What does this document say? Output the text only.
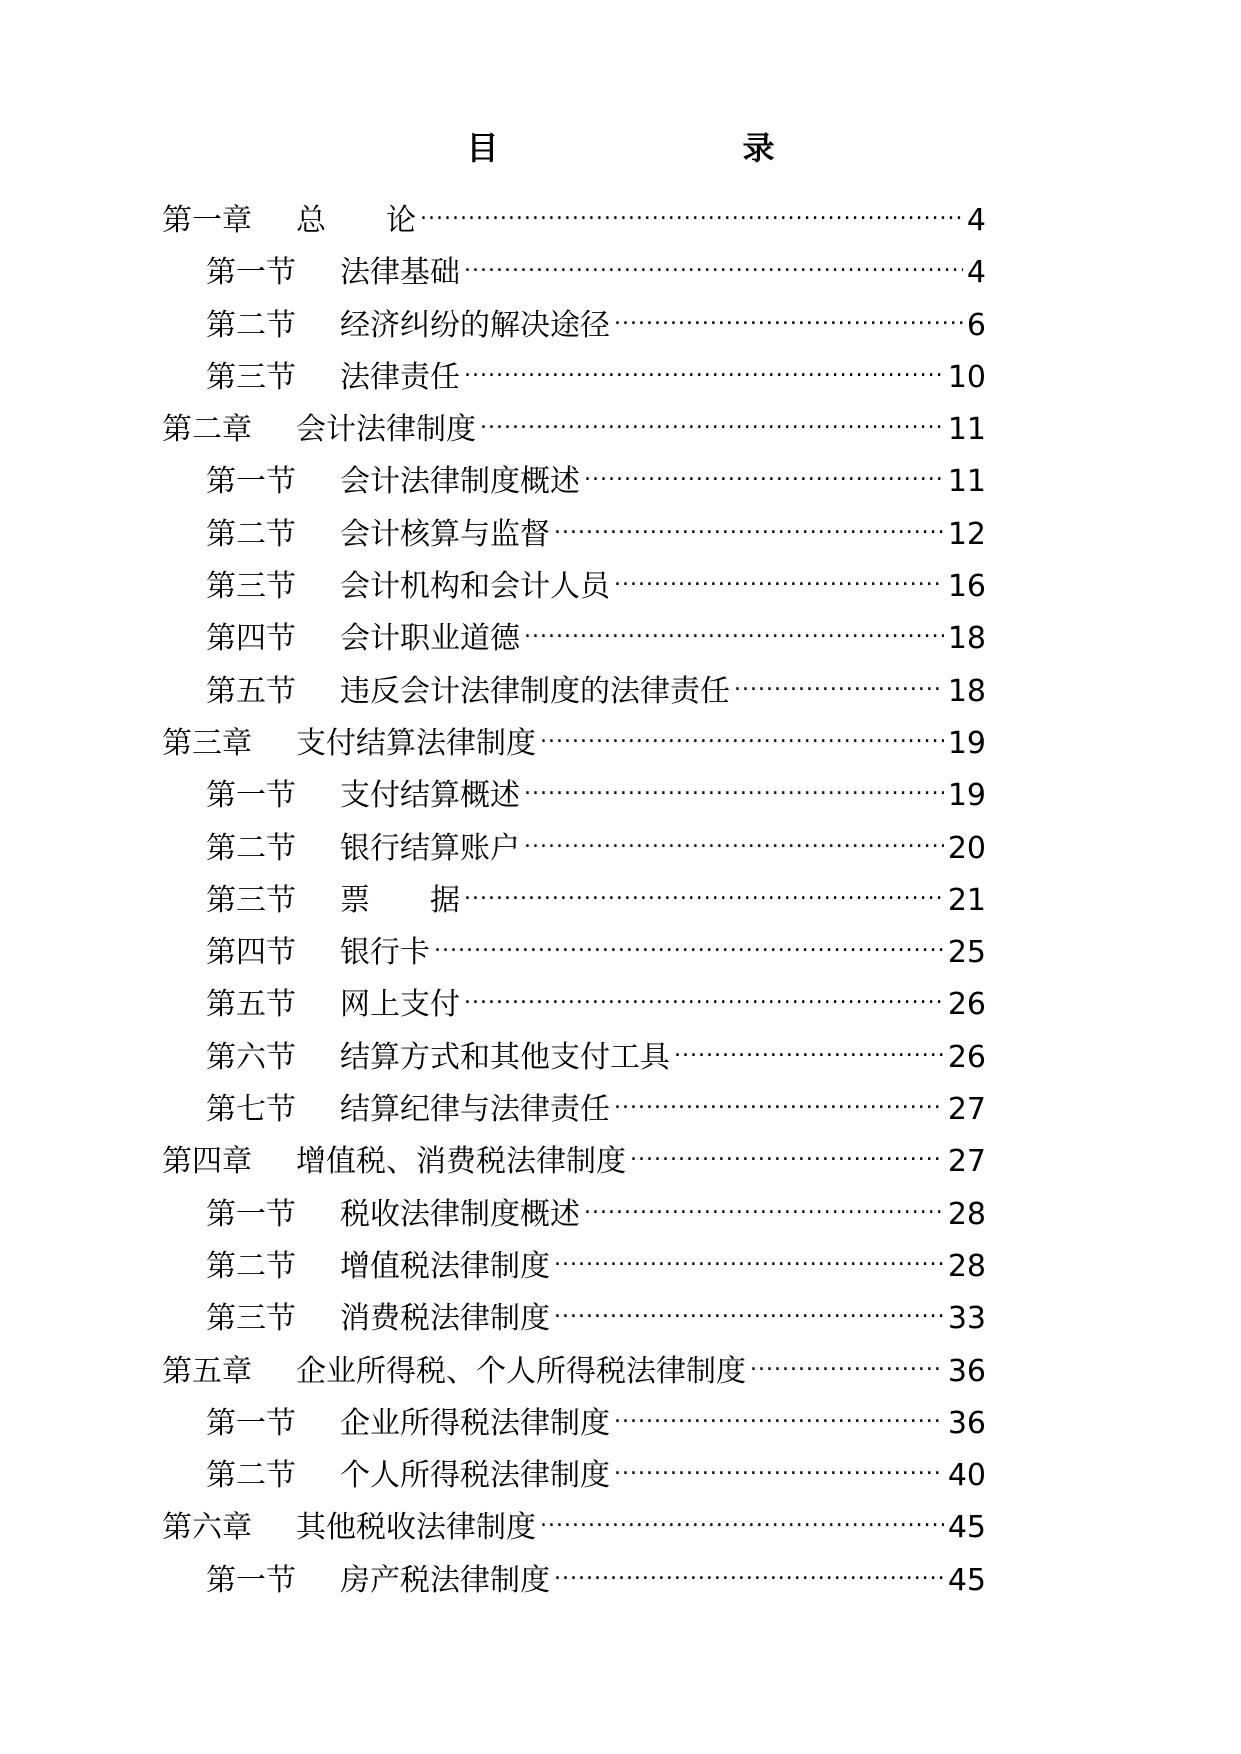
目　　录
第一章	总　　论 .....	4
第一节	法律基础 .....	4
第二节	经济纠纷的解决途径 .....	6
第三节	法律责任 .....	10
第二章	会计法律制度 .....	11
第一节	会计法律制度概述 .....	11
第二节	会计核算与监督 .....	12
第三节	会计机构和会计人员 .....	16
第四节	会计职业道德 .....	18
第五节	违反会计法律制度的法律责任 .....	18
第三章	支付结算法律制度 .....	19
第一节	支付结算概述 .....	19
第二节	银行结算账户 .....	20
第三节	票　　据 .....	21
第四节	银行卡 .....	25
第五节	网上支付 .....	26
第六节	结算方式和其他支付工具 .....	26
第七节	结算纪律与法律责任 .....	27
第四章	增值税、消费税法律制度 .....	27
第一节	税收法律制度概述 .....	28
第二节	增值税法律制度 .....	28
第三节	消费税法律制度 .....	33
第五章	企业所得税、个人所得税法律制度 .....	36
第一节	企业所得税法律制度 .....	36
第二节	个人所得税法律制度 .....	40
第六章	其他税收法律制度 .....	45
第一节	房产税法律制度 .....	45
